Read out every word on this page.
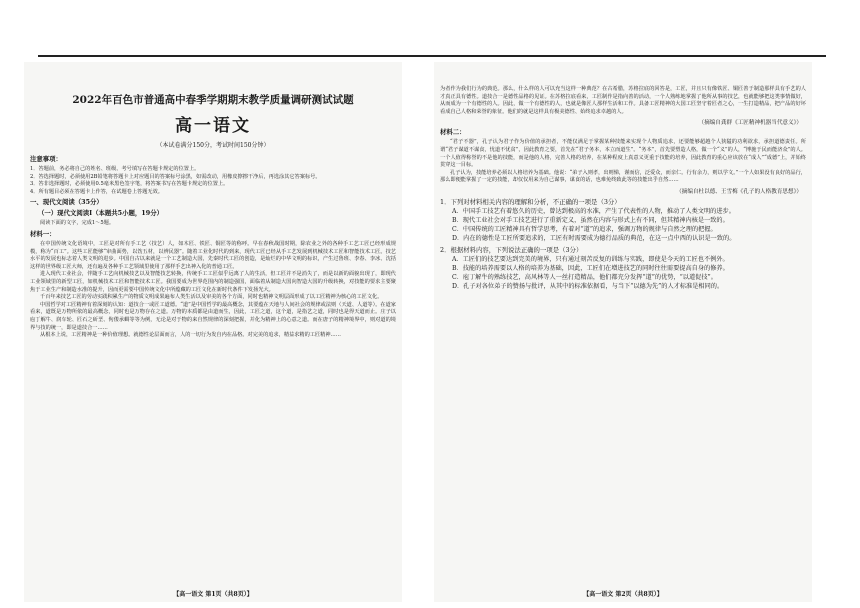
2022年百色市普通高中春季学期期末教学质量调研测试试题
高一语文
（本试卷满分150分，考试时间150分钟）
注意事项：
1．答题前，务必将自己的姓名、班级、考号填写在答题卡规定的位置上。
2．答选择题时，必须使用2B铅笔将答题卡上对应题目的答案标号涂黑，如需改动，用橡皮擦擦干净后，再选涂其它答案标号。
3．答非选择题时，必须使用0.5毫米黑色签字笔，将答案书写在答题卡规定的位置上。
4．所有题目必须在答题卡上作答，在试题卷上答题无效。
一、现代文阅读（35分）
（一）现代文阅读Ⅰ（本题共5小题，19分）
阅读下面的文字，完成1～5题。
材料一：
在中国传统文化语境中，工匠是对所有手工艺（技艺）人，如木匠、铁匠、铜匠等的称呼。早在春秋战国时期，除农业之外的各种手工艺工匠已经形成规模，称为“百工”。这些工匠能够“审曲面势，以饬五材，以辨民器”。随着工业化时代的到来，现代工匠已经从手工艺发展到机械技术工匠和智能技术工匠。技艺水平的发展也标志着人类文明的进步。中国自古以来就是一个工艺制造大国，先秦时代工匠的创造，是灿烂的中华文明的标识，产生过鲁班、李春、李冰、沈括这样的世界级工匠大师，还有遍及各种手工艺领域里使用了那样手艺出神入化的普通工匠。
进入现代工业社会，伴随手工艺向机械技艺以及智能技艺转换，传统手工工匠似乎远离了人的生活，但工匠并不是消失了，而是以新的面貌出现了，即现代工业领域里的新型工匠，如机械技术工匠和智能技术工匠。我国要成为世界范围内的制造强国，面临着从制造大国向智造大国的升级转换，对技能的要求主要聚焦于工业生产和制造水准的提升，因而更需要中国传统文化中所蕴藏的工匠文化在新时代条件下发扬光大。
千百年来技艺工匠的劳动实践积累生产的物质文明成果遍布人类生活以及审美的各个方面，同时也精神文明层面形成了以工匠精神为核心的工匠文化。
中国哲学对工匠精神有着深刻的认知：道技合一或匠工道德。“道”是中国哲学的最高概念，其要蕴在天地与人间社会的规律或法则（天道、人道等）。在道家看来，道既是万物所依的最高概念，同时也是万物存在之道。万物的本质都是由道而生，因此，工匠之道，这个道，是指艺之道，同时也是得天道而止。庄子以庖丁解牛、润车轮、匠石之斫垩、佝偻承蜩等等为例，无论是对于物的来自然规律的深刻把握，并化为精神上的心意之道。而在唐子的精神境界中，则对道的境界与技的统一，即是道技合一……
从根本上说，工匠精神是一种价值理想。就德性论层面而言，人的一切行为发自内在品格。对完美的追求，精益求精的工匠精神……
【高一语文 第1页（共8页）】
为者作为我们行为的典范。那么，什么样的人可以充当这样一种典范？在古希腊，苏格拉底的回答是，工匠，并且只有像铁匠、铜匠善于制造那样具有手艺的人才真正具有德性。道技合一是德性品格的见证。在苏格拉底看来，工匠制作是指向善的活动，一个人熟练地掌握了他所从事的技艺，也就能够把这类事情做好，从而成为一个有德性的人。因此，做一个有德性的人，也就是像匠人那样生活和工作。具备工匠精神的大国工匠坚守着匠者之心，一生打造精品，把产品的好坏看成自己人格和荣誉的象征。他们的就是这样具有极美德性、始终追求卓越的人。
（摘编自龚群《工匠精神机器当代意义》）
材料二：
“君子不器”，孔子认为君子作为价值的承担者，不能仅满足于掌握某种技能来实现个人物质追求，还要能够超越个人狭隘的功利欲求，承担道德责任。所谓“君子谋道不谋食，忧道不忧贫”，因此教育之要，首先在“君子务本，本立而道生”。“务本”，首先要塑造人格，做一个“义”的人，“博施于民而能济众”的人。一个人值得称誉的不是他的技能，而是他的人格，完善人格的培养，在某种程度上真意义更重于技能的培养，因此教育的重心应该放在“成人”“成德”上，并始终贯穿这一目标。
孔子认为，技能培养必须以人格培养为基础。他说：“弟子入则孝，出则悌，谨而信，泛爱众，而亲仁。行有余力，则以学文。”一个人如果没有良好的品行，那么即便能掌握了一定的技能，却仅仅用来为自己谋事，谋食的话，也难免终致此等的技能出乎自然……
（摘编自杜以德、王雪梅《孔子的人格教育思想》）
1．下列对材料相关内容的理解和分析，不正确的一项是（3分）
A．中国手工技艺有着悠久的历史，曾达到极高的水准，产生了代表性的人物，推动了人类文明的进步。
B．现代工业社会对手工技艺进行了重新定义，虽然在内容与形式上有不同，但其精神内核是一致的。
C．中国传统的工匠精神具有哲学思考，有着对“道”的追求，强调万物的规律与自然之理的把握。
D．内在的德性是工匠所要追求的，工匠有时需要成为德行品质的典范，在这一点中西的认识是一致的。
2．根据材料内容，下列说法正确的一项是（3分）
A．工匠们的技艺要达到完美的境界，只有通过刻苦反复的训练与实践，即使是今天的工匠也不例外。
B．技能的培养需要以人格的培养为基础，因此，工匠们在增进技艺的同时往往需要提高自身的修养。
C．庖丁解牛的熟练技艺，高风林等人一丝打造精品，他们都充分发挥“道”的优势，“以道促技”。
D．孔子对各位弟子的赞扬与批评，从其中的标准依据看，与当下“以德为先”的人才标准是相同的。
【高一语文 第2页（共8页）】
